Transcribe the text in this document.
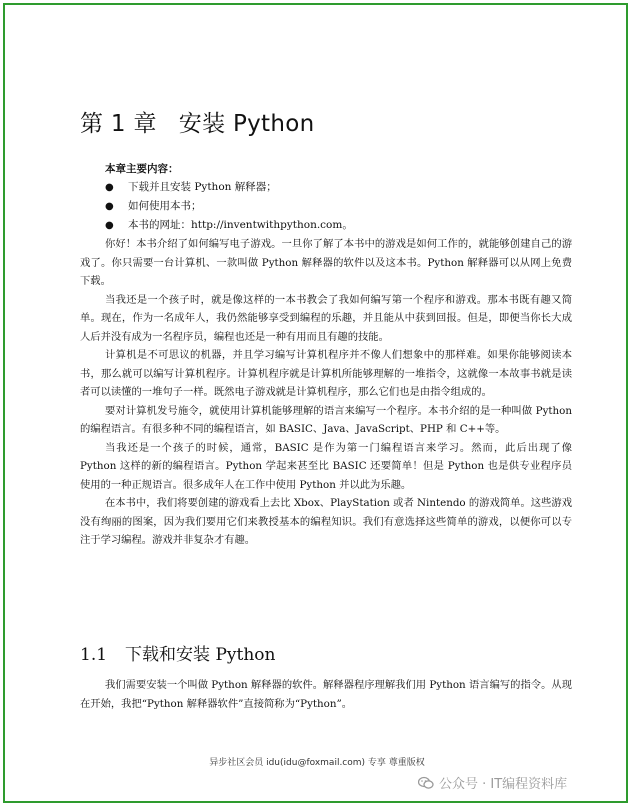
第 1 章 安装 Python
本章主要内容：
● 下载并且安装 Python 解释器；
● 如何使用本书；
● 本书的网址：http://inventwithpython.com。

你好！本书介绍了如何编写电子游戏。一旦你了解了本书中的游戏是如何工作的，就能够创建自己的游戏了。你只需要一台计算机、一款叫做 Python 解释器的软件以及这本书。Python 解释器可以从网上免费下载。

当我还是一个孩子时，就是像这样的一本书教会了我如何编写第一个程序和游戏。那本书既有趣又简单。现在，作为一名成年人，我仍然能够享受到编程的乐趣，并且能从中获到回报。但是，即便当你长大成人后并没有成为一名程序员，编程也还是一种有用而且有趣的技能。

计算机是不可思议的机器，并且学习编写计算机程序并不像人们想象中的那样难。如果你能够阅读本书，那么就可以编写计算机程序。计算机程序就是计算机所能够理解的一堆指令，这就像一本故事书就是读者可以读懂的一堆句子一样。既然电子游戏就是计算机程序，那么它们也是由指令组成的。

要对计算机发号施令，就使用计算机能够理解的语言来编写一个程序。本书介绍的是一种叫做 Python 的编程语言。有很多种不同的编程语言，如 BASIC、Java、JavaScript、PHP 和 C++等。

当我还是一个孩子的时候，通常，BASIC 是作为第一门编程语言来学习。然而，此后出现了像 Python 这样的新的编程语言。Python 学起来甚至比 BASIC 还要简单！但是 Python 也是供专业程序员使用的一种正规语言。很多成年人在工作中使用 Python 并以此为乐趣。

在本书中，我们将要创建的游戏看上去比 Xbox、PlayStation 或者 Nintendo 的游戏简单。这些游戏没有绚丽的图案，因为我们要用它们来教授基本的编程知识。我们有意选择这些简单的游戏，以便你可以专注于学习编程。游戏并非复杂才有趣。

1.1 下载和安装 Python

我们需要安装一个叫做 Python 解释器的软件。解释器程序理解我们用 Python 语言编写的指令。从现在开始，我把“Python 解释器软件”直接简称为“Python”。

异步社区会员 idu(idu@foxmail.com) 专享 尊重版权
公众号 · IT编程资料库
